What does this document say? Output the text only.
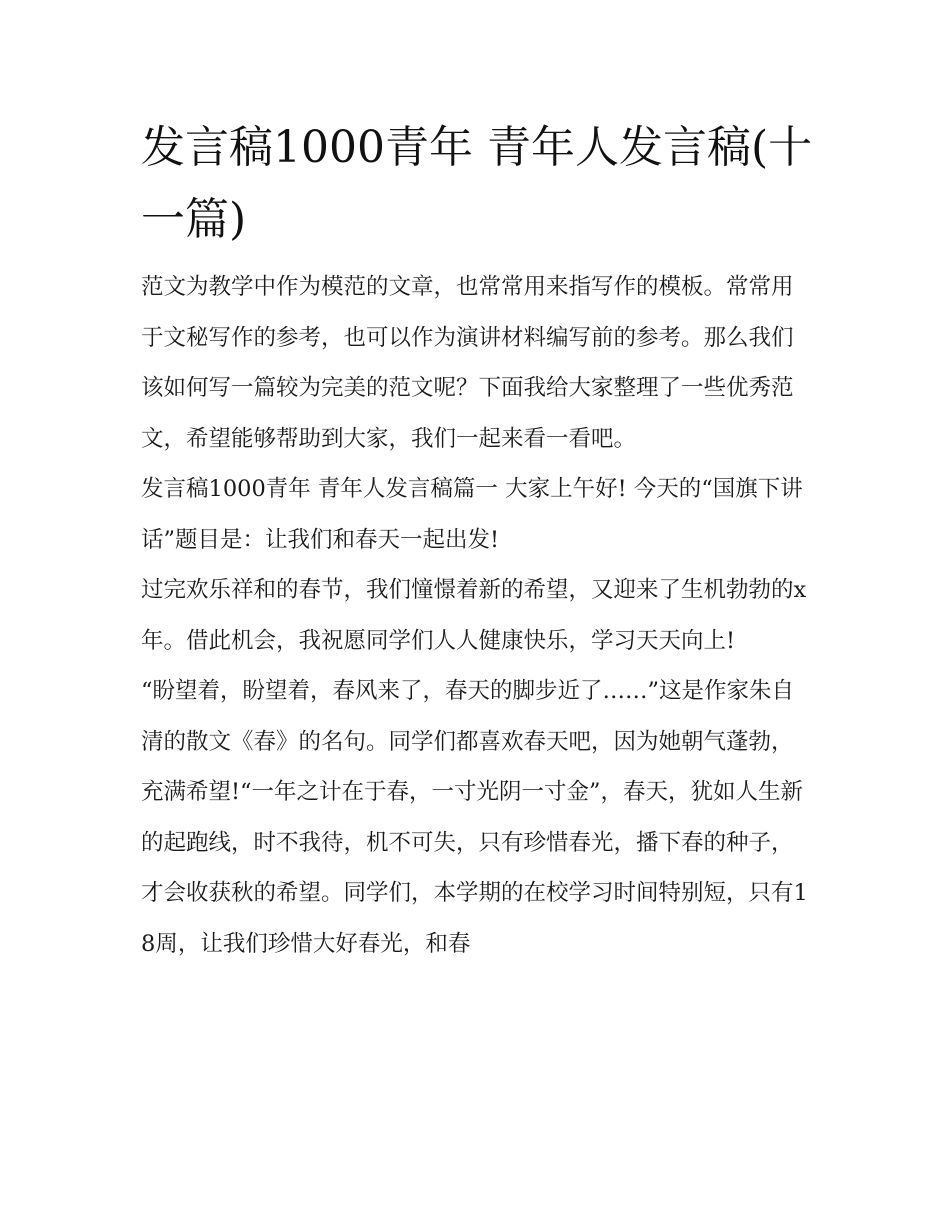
发言稿1000青年 青年人发言稿(十一篇)

范文为教学中作为模范的文章，也常常用来指写作的模板。常常用于文秘写作的参考，也可以作为演讲材料编写前的参考。那么我们该如何写一篇较为完美的范文呢？下面我给大家整理了一些优秀范文，希望能够帮助到大家，我们一起来看一看吧。

发言稿1000青年 青年人发言稿篇一 大家上午好! 今天的“国旗下讲话”题目是：让我们和春天一起出发!

过完欢乐祥和的春节，我们憧憬着新的希望，又迎来了生机勃勃的x年。借此机会，我祝愿同学们人人健康快乐，学习天天向上!

“盼望着，盼望着，春风来了，春天的脚步近了……”这是作家朱自清的散文《春》的名句。同学们都喜欢春天吧，因为她朝气蓬勃，充满希望!“一年之计在于春，一寸光阴一寸金”，春天，犹如人生新的起跑线，时不我待，机不可失，只有珍惜春光，播下春的种子，才会收获秋的希望。同学们，本学期的在校学习时间特别短，只有18周，让我们珍惜大好春光，和春
